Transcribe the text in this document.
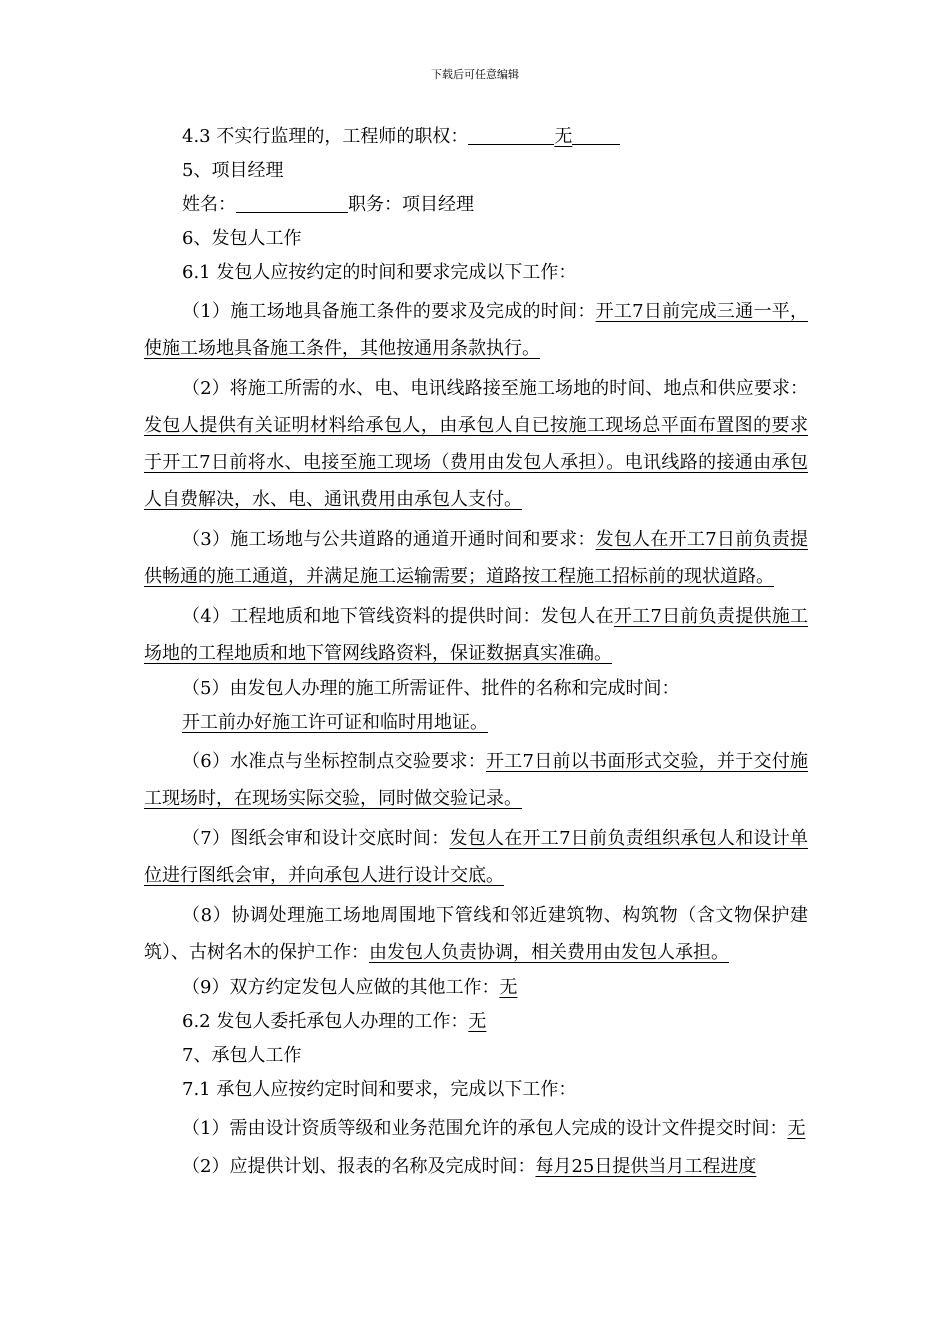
下载后可任意编辑

4.3 不实行监理的，工程师的职权：	无

5、项目经理

姓名：	职务：项目经理

6、发包人工作

6.1 发包人应按约定的时间和要求完成以下工作：

（1）施工场地具备施工条件的要求及完成的时间：开工7日前完成三通一平，使施工场地具备施工条件，其他按通用条款执行。

（2）将施工所需的水、电、电讯线路接至施工场地的时间、地点和供应要求：发包人提供有关证明材料给承包人，由承包人自已按施工现场总平面布置图的要求于开工7日前将水、电接至施工现场（费用由发包人承担）。电讯线路的接通由承包人自费解决，水、电、通讯费用由承包人支付。

（3）施工场地与公共道路的通道开通时间和要求：发包人在开工7日前负责提供畅通的施工通道，并满足施工运输需要；道路按工程施工招标前的现状道路。

（4）工程地质和地下管线资料的提供时间：发包人在开工7日前负责提供施工场地的工程地质和地下管网线路资料，保证数据真实准确。

（5）由发包人办理的施工所需证件、批件的名称和完成时间：

开工前办好施工许可证和临时用地证。

（6）水准点与坐标控制点交验要求：开工7日前以书面形式交验，并于交付施工现场时，在现场实际交验，同时做交验记录。

（7）图纸会审和设计交底时间：发包人在开工7日前负责组织承包人和设计单位进行图纸会审，并向承包人进行设计交底。

（8）协调处理施工场地周围地下管线和邻近建筑物、构筑物（含文物保护建筑）、古树名木的保护工作：由发包人负责协调，相关费用由发包人承担。

（9）双方约定发包人应做的其他工作：无

6.2 发包人委托承包人办理的工作：无

7、承包人工作

7.1 承包人应按约定时间和要求，完成以下工作：

（1）需由设计资质等级和业务范围允许的承包人完成的设计文件提交时间：无

（2）应提供计划、报表的名称及完成时间：每月25日提供当月工程进度
